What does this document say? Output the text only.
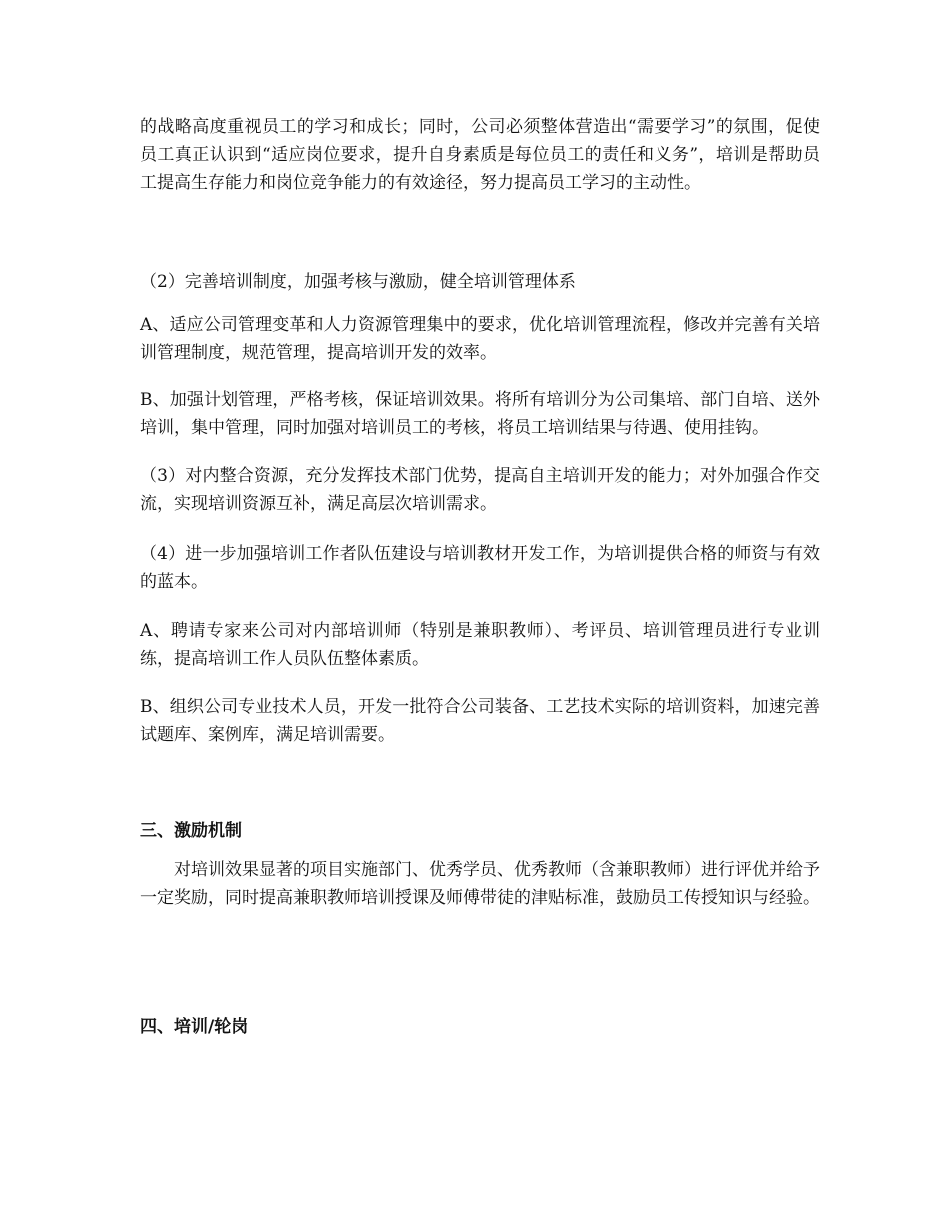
的战略高度重视员工的学习和成长；同时，公司必须整体营造出“需要学习”的氛围，促使员工真正认识到“适应岗位要求，提升自身素质是每位员工的责任和义务”，培训是帮助员工提高生存能力和岗位竞争能力的有效途径，努力提高员工学习的主动性。

（2）完善培训制度，加强考核与激励，健全培训管理体系

A、适应公司管理变革和人力资源管理集中的要求，优化培训管理流程，修改并完善有关培训管理制度，规范管理，提高培训开发的效率。

B、加强计划管理，严格考核，保证培训效果。将所有培训分为公司集培、部门自培、送外培训，集中管理，同时加强对培训员工的考核，将员工培训结果与待遇、使用挂钩。

（3）对内整合资源，充分发挥技术部门优势，提高自主培训开发的能力；对外加强合作交流，实现培训资源互补，满足高层次培训需求。

（4）进一步加强培训工作者队伍建设与培训教材开发工作，为培训提供合格的师资与有效的蓝本。

A、聘请专家来公司对内部培训师（特别是兼职教师）、考评员、培训管理员进行专业训练，提高培训工作人员队伍整体素质。

B、组织公司专业技术人员，开发一批符合公司装备、工艺技术实际的培训资料，加速完善试题库、案例库，满足培训需要。

三、激励机制

对培训效果显著的项目实施部门、优秀学员、优秀教师（含兼职教师）进行评优并给予一定奖励，同时提高兼职教师培训授课及师傅带徒的津贴标准，鼓励员工传授知识与经验。

四、培训/轮岗
